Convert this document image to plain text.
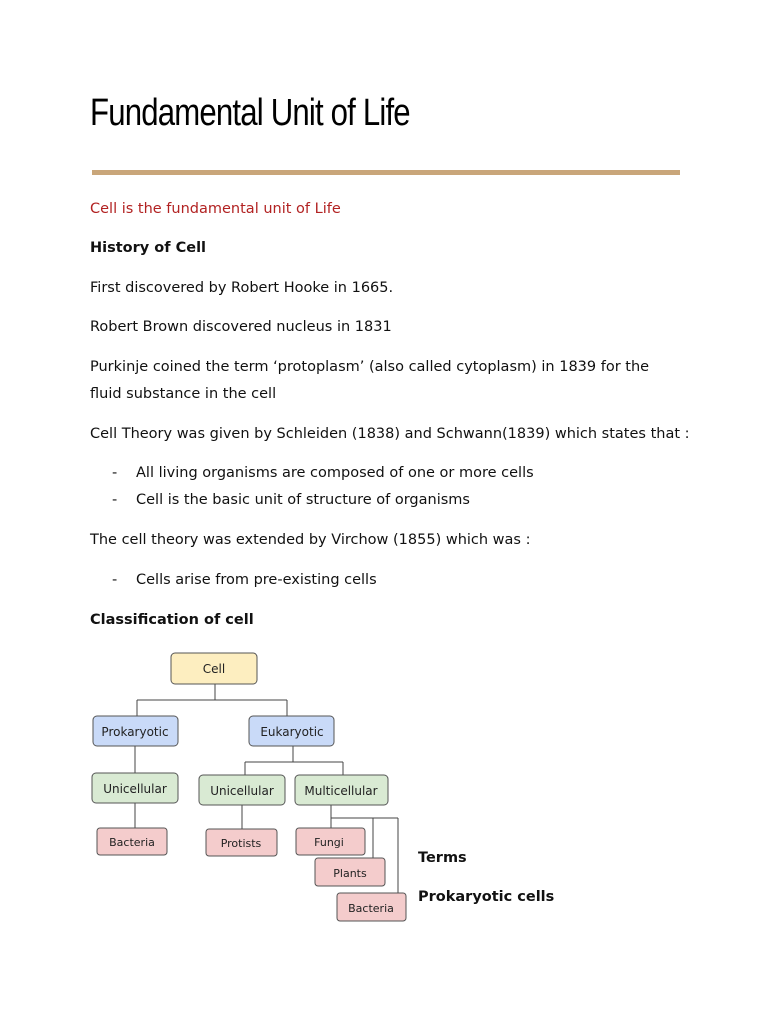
Fundamental Unit of Life

Cell is the fundamental unit of Life

History of Cell

First discovered by Robert Hooke in 1665.

Robert Brown discovered nucleus in 1831

Purkinje coined the term ‘protoplasm’ (also called cytoplasm) in 1839 for the fluid substance in the cell

Cell Theory was given by Schleiden (1838) and Schwann(1839) which states that :

- All living organisms are composed of one or more cells
- Cell is the basic unit of structure of organisms

The cell theory was extended by Virchow (1855) which was :

- Cells arise from pre-existing cells

Classification of cell

Cell
Prokaryotic	Eukaryotic
Unicellular	Unicellular	Multicellular
Bacteria	Protists	Fungi
Plants
Bacteria

Terms

Prokaryotic cells
